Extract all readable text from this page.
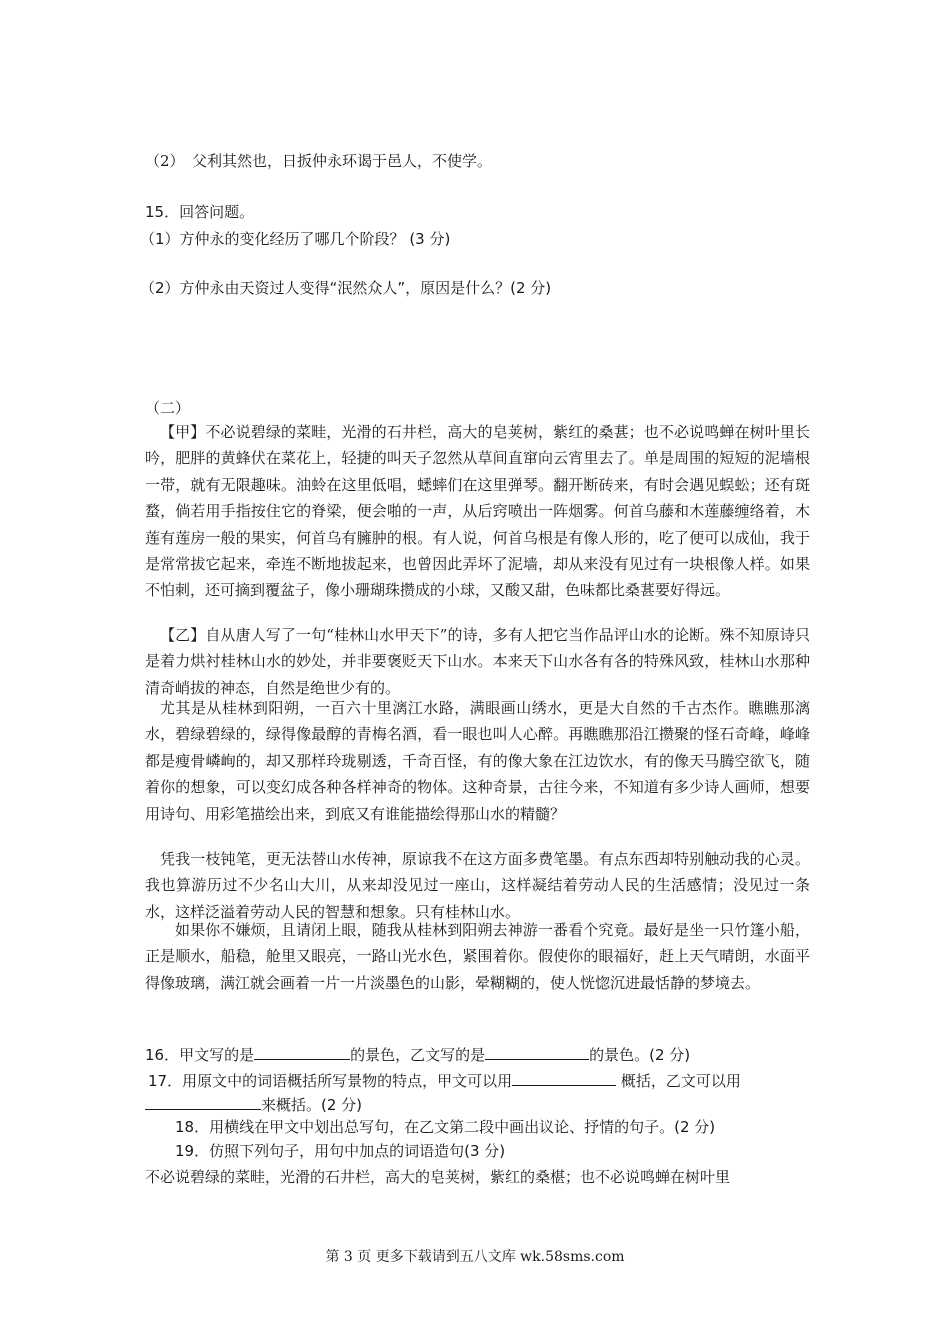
（2）　父利其然也，日扳仲永环谒于邑人，不使学。
15．回答问题。
（1）方仲永的变化经历了哪几个阶段？ (3 分)
（2）方仲永由天资过人变得“泯然众人”，原因是什么？(2 分)
（二）
【甲】不必说碧绿的菜畦，光滑的石井栏，高大的皂荚树，紫红的桑葚；也不必说鸣蝉在树叶里长吟，肥胖的黄蜂伏在菜花上，轻捷的叫天子忽然从草间直窜向云宵里去了。单是周围的短短的泥墙根一带，就有无限趣味。油蛉在这里低唱，蟋蟀们在这里弹琴。翻开断砖来，有时会遇见蜈蚣；还有斑蝥，倘若用手指按住它的脊梁，便会啪的一声，从后窍喷出一阵烟雾。何首乌藤和木莲藤缠络着，木莲有莲房一般的果实，何首乌有臃肿的根。有人说，何首乌根是有像人形的，吃了便可以成仙，我于是常常拔它起来，牵连不断地拔起来，也曾因此弄坏了泥墙，却从来没有见过有一块根像人样。如果不怕刺，还可摘到覆盆子，像小珊瑚珠攒成的小球，又酸又甜，色味都比桑葚要好得远。
【乙】自从唐人写了一句“桂林山水甲天下”的诗，多有人把它当作品评山水的论断。殊不知原诗只是着力烘衬桂林山水的妙处，并非要褒贬天下山水。本来天下山水各有各的特殊风致，桂林山水那种清奇峭拔的神态，自然是绝世少有的。
尤其是从桂林到阳朔，一百六十里漓江水路，满眼画山绣水，更是大自然的千古杰作。瞧瞧那漓水，碧绿碧绿的，绿得像最醇的青梅名酒，看一眼也叫人心醉。再瞧瞧那沿江攒聚的怪石奇峰，峰峰都是瘦骨嶙峋的，却又那样玲珑剔透，千奇百怪，有的像大象在江边饮水，有的像天马腾空欲飞，随着你的想象，可以变幻成各种各样神奇的物体。这种奇景，古往今来，不知道有多少诗人画师，想要用诗句、用彩笔描绘出来，到底又有谁能描绘得那山水的精髓？
凭我一枝钝笔，更无法替山水传神，原谅我不在这方面多费笔墨。有点东西却特别触动我的心灵。我也算游历过不少名山大川，从来却没见过一座山，这样凝结着劳动人民的生活感情；没见过一条水，这样泛溢着劳动人民的智慧和想象。只有桂林山水。
如果你不嫌烦，且请闭上眼，随我从桂林到阳朔去神游一番看个究竟。最好是坐一只竹篷小船，正是顺水，船稳，舱里又眼亮，一路山光水色，紧围着你。假使你的眼福好，赶上天气晴朗，水面平得像玻璃，满江就会画着一片一片淡墨色的山影，晕糊糊的，使人恍惚沉进最恬静的梦境去。
16．甲文写的是	的景色，乙文写的是	的景色。(2 分)
17．用原文中的词语概括所写景物的特点，甲文可以用	概括，乙文可以用
来概括。(2 分)
18．用横线在甲文中划出总写句，在乙文第二段中画出议论、抒情的句子。(2 分)
19．仿照下列句子，用句中加点的词语造句(3 分)
不必说碧绿的菜畦，光滑的石井栏，高大的皂荚树，紫红的桑椹；也不必说鸣蝉在树叶里
第 3 页 更多下载请到五八文库 wk.58sms.com
